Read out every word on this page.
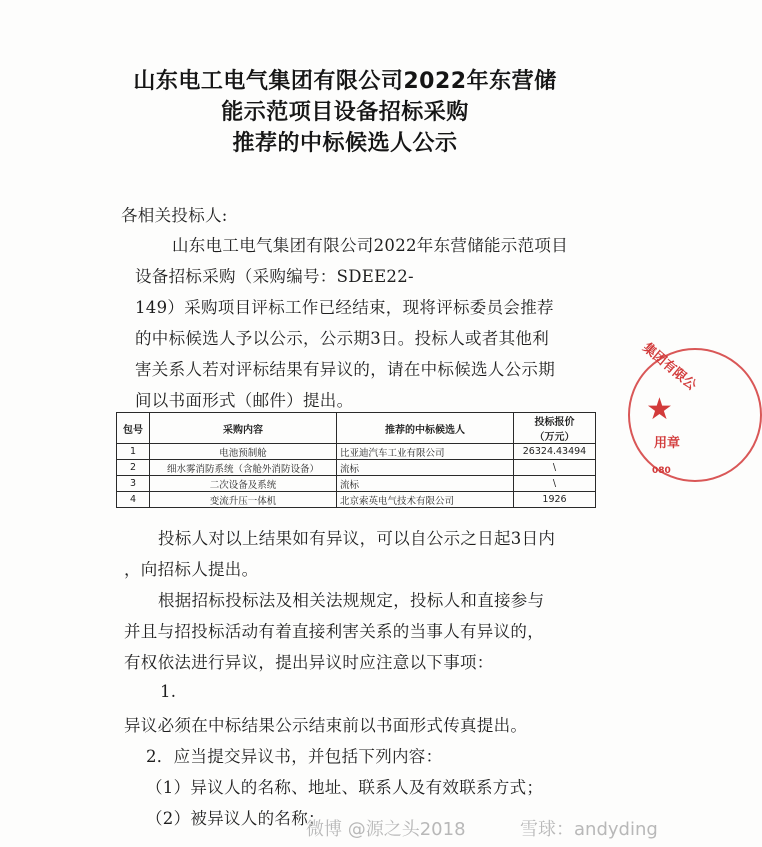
山东电工电气集团有限公司2022年东营储
能示范项目设备招标采购
推荐的中标候选人公示
各相关投标人:
山东电工电气集团有限公司2022年东营储能示范项目
设备招标采购（采购编号：SDEE22-
149）采购项目评标工作已经结束，现将评标委员会推荐
的中标候选人予以公示，公示期3日。投标人或者其他利
害关系人若对评标结果有异议的，请在中标候选人公示期
间以书面形式（邮件）提出。
包号	采购内容	推荐的中标候选人	投标报价
（万元）

1	电池预制舱	比亚迪汽车工业有限公司	26324.43494
2	细水雾消防系统（含舱外消防设备）	流标	\
3	二次设备及系统	流标	\
4	变流升压一体机	北京索英电气技术有限公司	1926
投标人对以上结果如有异议，可以自公示之日起3日内
，向招标人提出。
根据招标投标法及相关法规规定，投标人和直接参与
并且与招投标活动有着直接利害关系的当事人有异议的，
有权依法进行异议，提出异议时应注意以下事项：
1.
异议必须在中标结果公示结束前以书面形式传真提出。
2．应当提交异议书，并包括下列内容：
（1）异议人的名称、地址、联系人及有效联系方式；
（2）被异议人的名称；
集团有限公
★
用章
080
微博 @源之头2018	雪球：andyding
